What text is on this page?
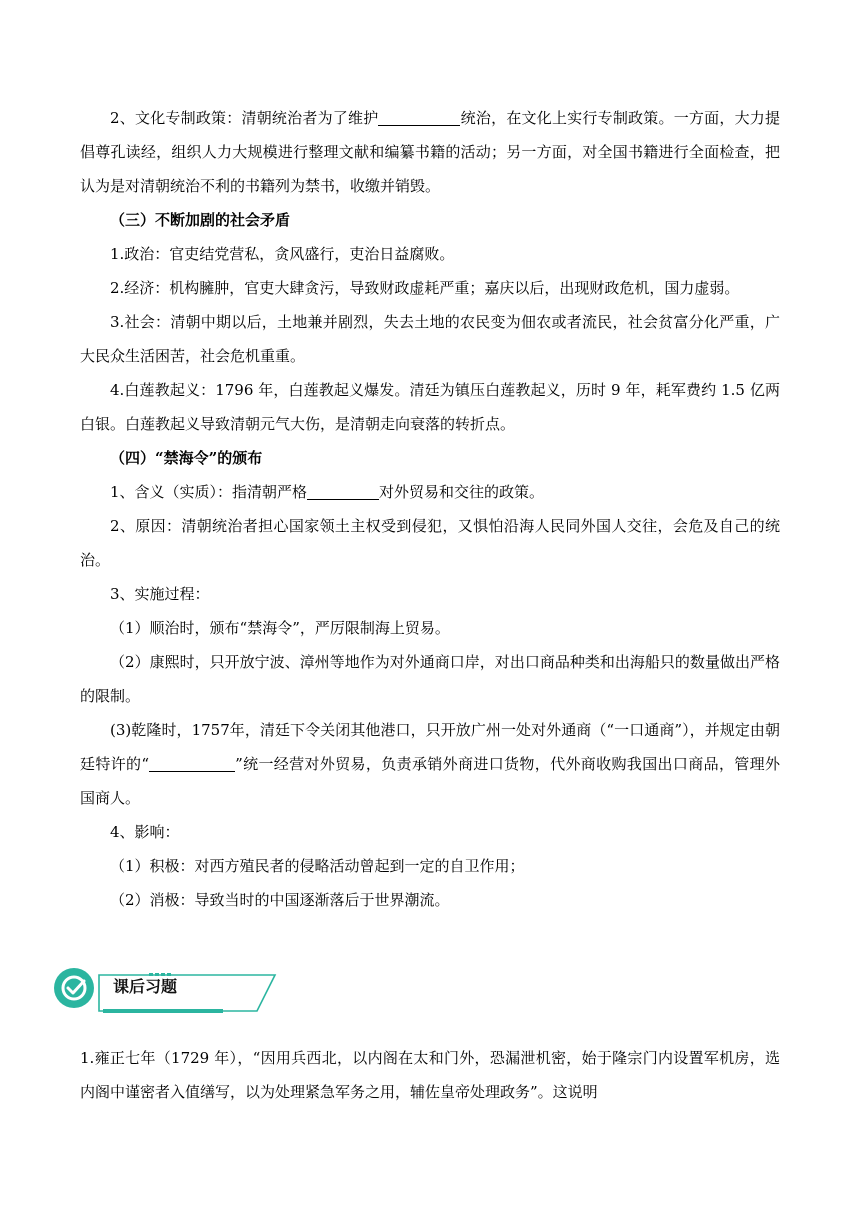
2、文化专制政策：清朝统治者为了维护	统治，在文化上实行专制政策。一方面，大力提倡尊孔读经，组织人力大规模进行整理文献和编纂书籍的活动；另一方面，对全国书籍进行全面检查，把认为是对清朝统治不利的书籍列为禁书，收缴并销毁。

（三）不断加剧的社会矛盾

1.政治：官吏结党营私，贪风盛行，吏治日益腐败。

2.经济：机构臃肿，官吏大肆贪污，导致财政虚耗严重；嘉庆以后，出现财政危机，国力虚弱。

3.社会：清朝中期以后，土地兼并剧烈，失去土地的农民变为佃农或者流民，社会贫富分化严重，广大民众生活困苦，社会危机重重。

4.白莲教起义：1796 年，白莲教起义爆发。清廷为镇压白莲教起义，历时 9 年，耗军费约 1.5 亿两白银。白莲教起义导致清朝元气大伤，是清朝走向衰落的转折点。

（四）“禁海令”的颁布

1、含义（实质）：指清朝严格	对外贸易和交往的政策。

2、原因：清朝统治者担心国家领土主权受到侵犯，又惧怕沿海人民同外国人交往，会危及自己的统治。

3、实施过程：

（1）顺治时，颁布“禁海令”，严厉限制海上贸易。

（2）康熙时，只开放宁波、漳州等地作为对外通商口岸，对出口商品种类和出海船只的数量做出严格的限制。

(3)乾隆时，1757年，清廷下令关闭其他港口，只开放广州一处对外通商（“一口通商”），并规定由朝廷特许的“	”统一经营对外贸易，负责承销外商进口货物，代外商收购我国出口商品，管理外国商人。

4、影响：

（1）积极：对西方殖民者的侵略活动曾起到一定的自卫作用；

（2）消极：导致当时的中国逐渐落后于世界潮流。

课后习题

1.雍正七年（1729 年），“因用兵西北，以内阁在太和门外，恐漏泄机密，始于隆宗门内设置军机房，选内阁中谨密者入值缮写，以为处理紧急军务之用，辅佐皇帝处理政务”。这说明
